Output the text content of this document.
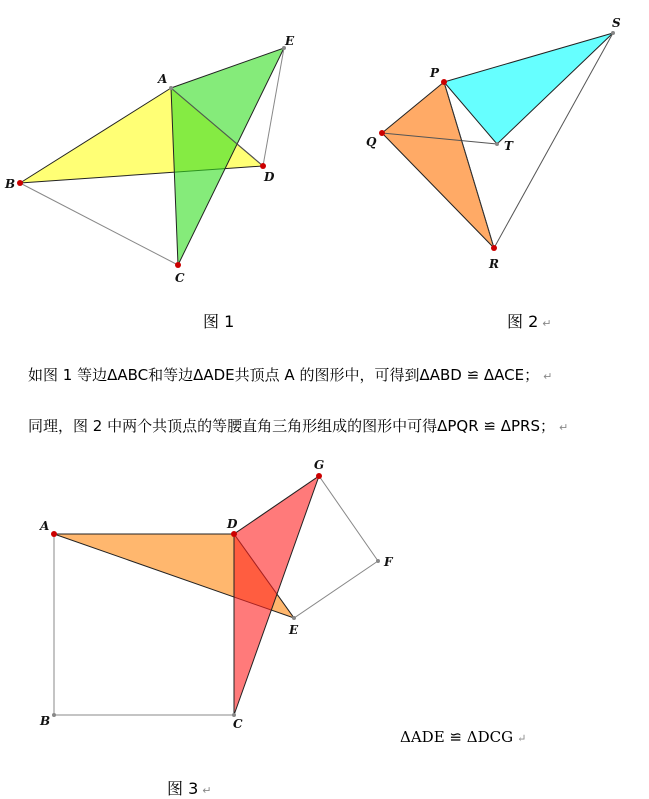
A
B
C
D
E
P
Q
R
S
T
A
B	C
D
E
F
G
图 1	图 2 ↵
如图 1 等边ΔABC和等边ΔADE共顶点 A 的图形中，可得到ΔABD ≌ ΔACE； ↵
同理，图 2 中两个共顶点的等腰直角三角形组成的图形中可得ΔPQR ≌ ΔPRS； ↵
ΔADE ≌ ΔDCG ↵
图 3 ↵
